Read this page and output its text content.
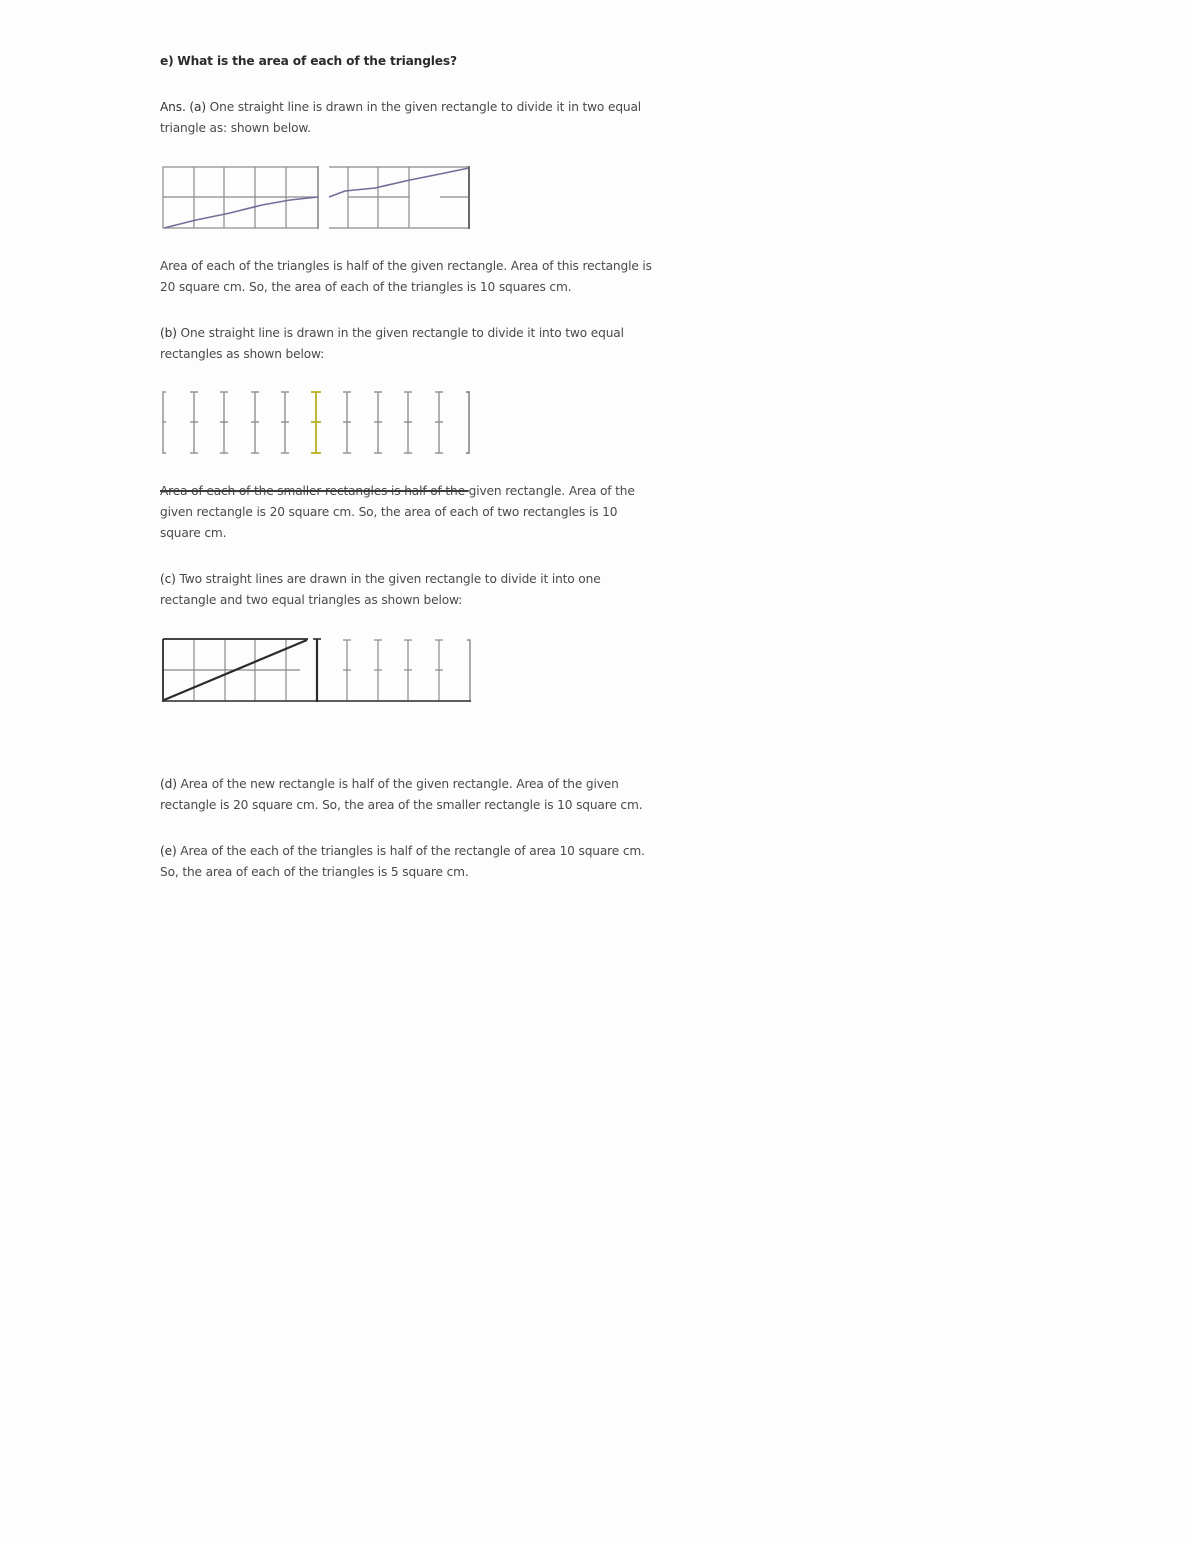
e) What is the area of each of the triangles?
Ans. (a) One straight line is drawn in the given rectangle to divide it in two equal triangle as: shown below.
Area of each of the triangles is half of the given rectangle. Area of this rectangle is 20 square cm. So, the area of each of the triangles is 10 squares cm.
(b) One straight line is drawn in the given rectangle to divide it into two equal rectangles as shown below:
Area of each of the smaller rectangles is half of the given rectangle. Area of the given rectangle is 20 square cm. So, the area of each of two rectangles is 10 square cm.
(c) Two straight lines are drawn in the given rectangle to divide it into one rectangle and two equal triangles as shown below:
(d) Area of the new rectangle is half of the given rectangle. Area of the given rectangle is 20 square cm. So, the area of the smaller rectangle is 10 square cm.
(e) Area of the each of the triangles is half of the rectangle of area 10 square cm. So, the area of each of the triangles is 5 square cm.
